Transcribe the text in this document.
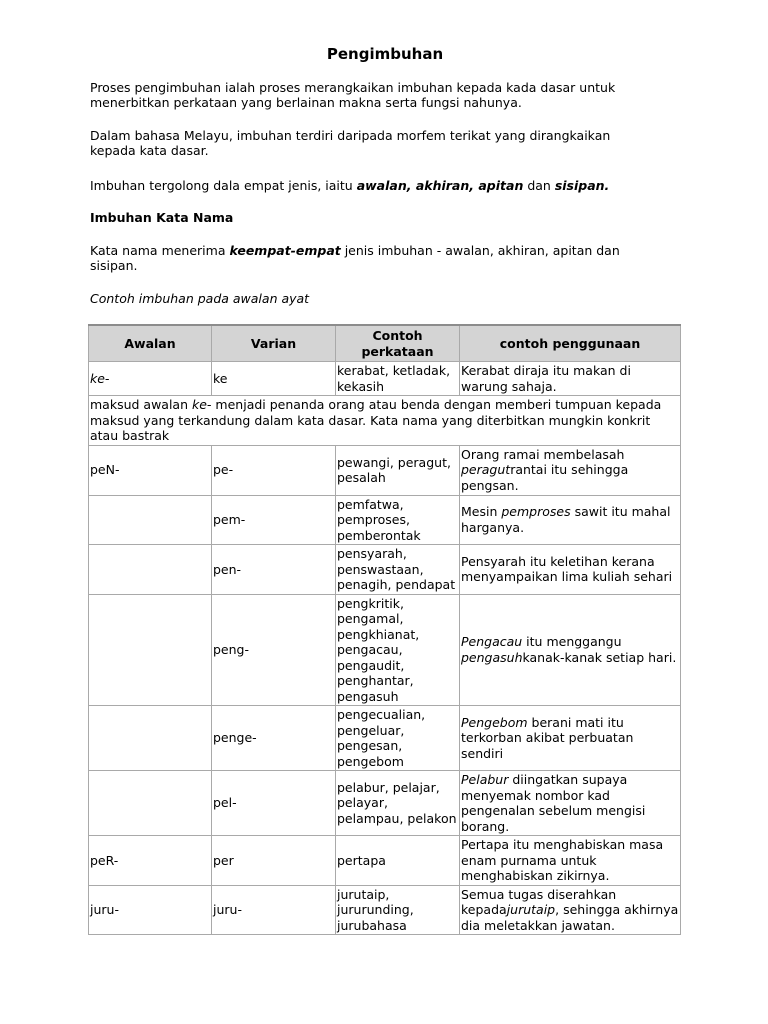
Pengimbuhan

Proses pengimbuhan ialah proses merangkaikan imbuhan kepada kada dasar untuk menerbitkan perkataan yang berlainan makna serta fungsi nahunya.

Dalam bahasa Melayu, imbuhan terdiri daripada morfem terikat yang dirangkaikan kepada kata dasar.

Imbuhan tergolong dala empat jenis, iaitu awalan, akhiran, apitan dan sisipan.

Imbuhan Kata Nama

Kata nama menerima keempat-empat jenis imbuhan - awalan, akhiran, apitan dan sisipan.

Contoh imbuhan pada awalan ayat

Awalan	Varian	Contoh perkataan	contoh penggunaan
ke-	ke	kerabat, ketladak, kekasih	Kerabat diraja itu makan di warung sahaja.
maksud awalan ke- menjadi penanda orang atau benda dengan memberi tumpuan kepada maksud yang terkandung dalam kata dasar. Kata nama yang diterbitkan mungkin konkrit atau bastrak			
peN-	pe-	pewangi, peragut, pesalah	Orang ramai membelasah peragutrantai itu sehingga pengsan.
	pem-	pemfatwa, pemproses, pemberontak	Mesin pemproses sawit itu mahal harganya.
	pen-	pensyarah, penswastaan, penagih, pendapat	Pensyarah itu keletihan kerana menyampaikan lima kuliah sehari
	peng-	pengkritik, pengamal, pengkhianat, pengacau, pengaudit, penghantar, pengasuh	Pengacau itu menggangu pengasuhkanak-kanak setiap hari.
	penge-	pengecualian, pengeluar, pengesan, pengebom	Pengebom berani mati itu terkorban akibat perbuatan sendiri
	pel-	pelabur, pelajar, pelayar, pelampau, pelakon	Pelabur diingatkan supaya menyemak nombor kad pengenalan sebelum mengisi borang.
peR-	per	pertapa	Pertapa itu menghabiskan masa enam purnama untuk menghabiskan zikirnya.
juru-	juru-	jurutaip, jururunding, jurubahasa	Semua tugas diserahkan kepadajurutaip, sehingga akhirnya dia meletakkan jawatan.
